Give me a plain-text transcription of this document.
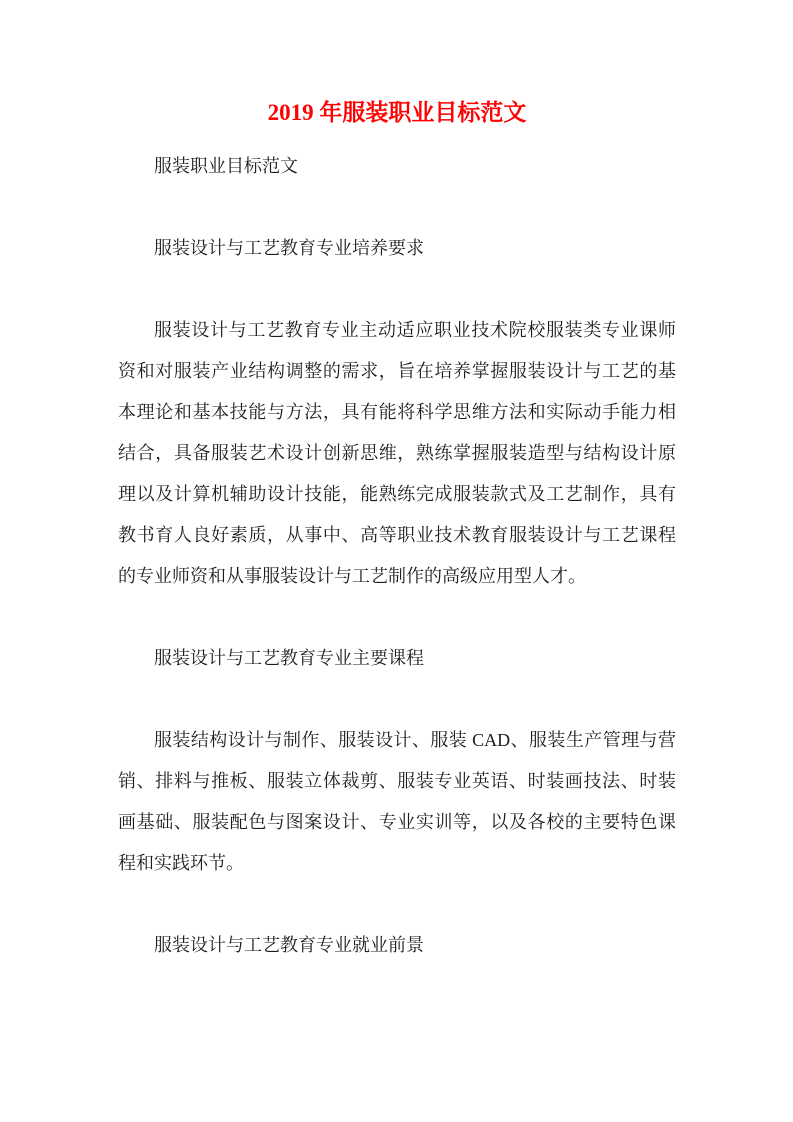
2019 年服装职业目标范文

服装职业目标范文

服装设计与工艺教育专业培养要求

服装设计与工艺教育专业主动适应职业技术院校服装类专业课师
资和对服装产业结构调整的需求，旨在培养掌握服装设计与工艺的基
本理论和基本技能与方法，具有能将科学思维方法和实际动手能力相
结合，具备服装艺术设计创新思维，熟练掌握服装造型与结构设计原
理以及计算机辅助设计技能，能熟练完成服装款式及工艺制作，具有
教书育人良好素质，从事中、高等职业技术教育服装设计与工艺课程
的专业师资和从事服装设计与工艺制作的高级应用型人才。

服装设计与工艺教育专业主要课程

服装结构设计与制作、服装设计、服装 CAD、服装生产管理与营
销、排料与推板、服装立体裁剪、服装专业英语、时装画技法、时装
画基础、服装配色与图案设计、专业实训等，以及各校的主要特色课
程和实践环节。

服装设计与工艺教育专业就业前景
